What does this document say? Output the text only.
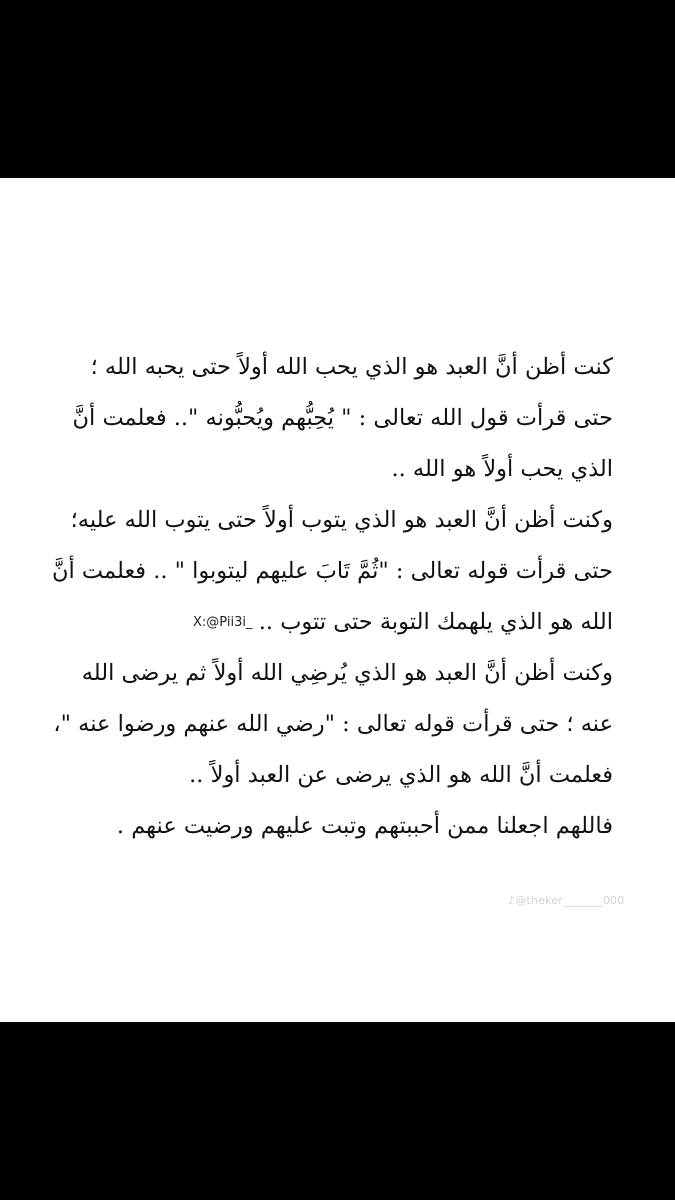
كنت أظن أنَّ العبد هو الذي يحب الله أولاً حتى يحبه الله ؛
حتى قرأت قول الله تعالى : " يُحِبُّهم ويُحبُّونه ".. فعلمت أنَّ
الذي يحب أولاً هو الله ..
وكنت أظن أنَّ العبد هو الذي يتوب أولاً حتى يتوب الله عليه؛
حتى قرأت قوله تعالى : "ثُمَّ تَابَ عليهم ليتوبوا " .. فعلمت أنَّ
الله هو الذي يلهمك التوبة حتى تتوب ..
X:@Pii3i_
وكنت أظن أنَّ العبد هو الذي يُرضِي الله أولاً ثم يرضى الله
عنه ؛ حتى قرأت قوله تعالى : "رضي الله عنهم ورضوا عنه "،
فعلمت أنَّ الله هو الذي يرضى عن العبد أولاً ..
فاللهم اجعلنا ممن أحببتهم وتبت عليهم ورضيت عنهم .
♪@theker_______000
